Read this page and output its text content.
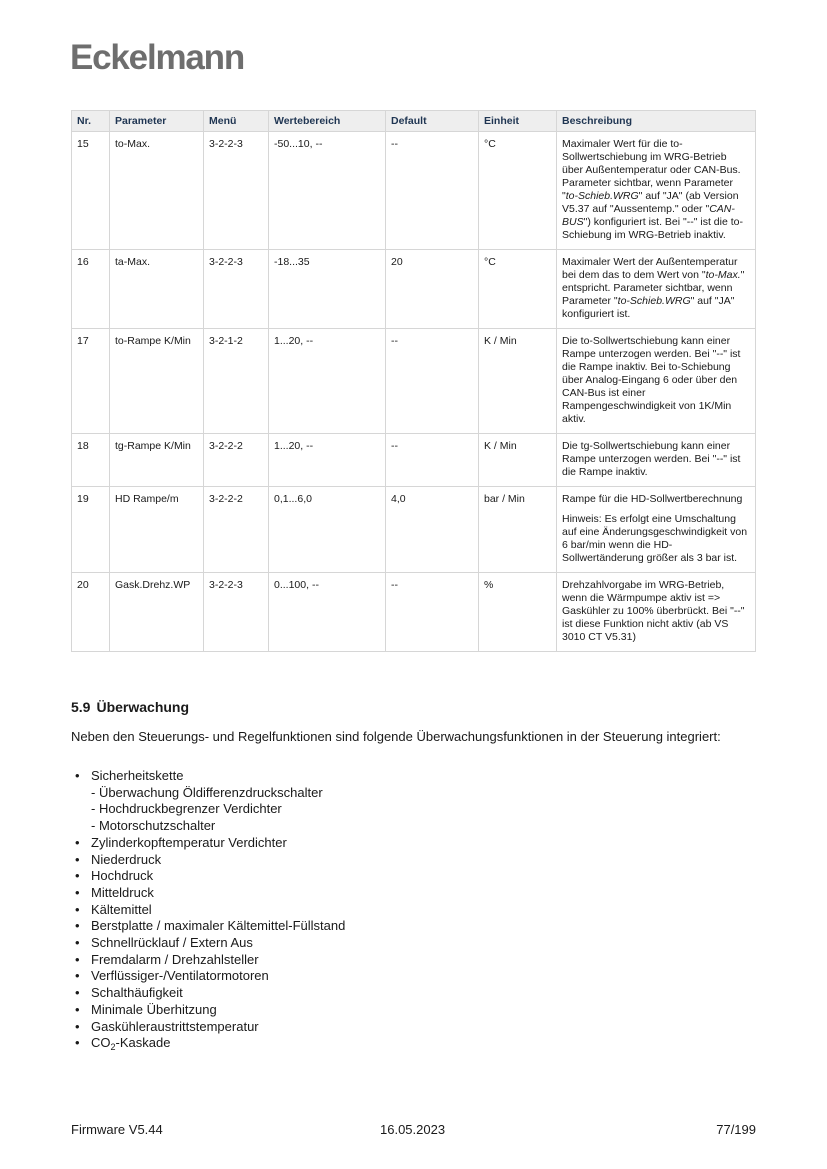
Eckelmann
Nr.	Parameter	Menü	Wertebereich	Default	Einheit	Beschreibung
15	to-Max.	3-2-2-3	-50...10, --	--	°C	Maximaler Wert für die to-Sollwertschiebung im WRG-Betrieb über Außentemperatur oder CAN-Bus. Parameter sichtbar, wenn Parameter "to-Schieb.WRG" auf "JA" (ab Version V5.37 auf "Aussentemp." oder "CAN-BUS") konfiguriert ist. Bei "--" ist die to-Schiebung im WRG-Betrieb inaktiv.
16	ta-Max.	3-2-2-3	-18...35	20	°C	Maximaler Wert der Außentemperatur bei dem das to dem Wert von "to-Max." entspricht. Parameter sichtbar, wenn Parameter "to-Schieb.WRG" auf "JA" konfiguriert ist.
17	to-Rampe K/Min	3-2-1-2	1...20, --	--	K / Min	Die to-Sollwertschiebung kann einer Rampe unterzogen werden. Bei "--" ist die Rampe inaktiv. Bei to-Schiebung über Analog-Eingang 6 oder über den CAN-Bus ist einer Rampengeschwindigkeit von 1K/Min aktiv.
18	tg-Rampe K/Min	3-2-2-2	1...20, --	--	K / Min	Die tg-Sollwertschiebung kann einer Rampe unterzogen werden. Bei "--" ist die Rampe inaktiv.
19	HD Rampe/m	3-2-2-2	0,1...6,0	4,0	bar / Min	Rampe für die HD-Sollwertberechnung

Hinweis: Es erfolgt eine Umschaltung auf eine Änderungsgeschwindigkeit von 6 bar/min wenn die HD-Sollwertänderung größer als 3 bar ist.

20	Gask.Drehz.WP	3-2-2-3	0...100, --	--	%	Drehzahlvorgabe im WRG-Betrieb, wenn die Wärmpumpe aktiv ist => Gaskühler zu 100% überbrückt. Bei "--" ist diese Funktion nicht aktiv (ab VS 3010 CT V5.31)
5.9 Überwachung
Neben den Steuerungs- und Regelfunktionen sind folgende Überwachungsfunktionen in der Steuerung integriert:
• Sicherheitskette
- Überwachung Öldifferenzdruckschalter
- Hochdruckbegrenzer Verdichter
- Motorschutzschalter
• Zylinderkopftemperatur Verdichter
• Niederdruck
• Hochdruck
• Mitteldruck
• Kältemittel
• Berstplatte / maximaler Kältemittel-Füllstand
• Schnellrücklauf / Extern Aus
• Fremdalarm / Drehzahlsteller
• Verflüssiger-/Ventilatormotoren
• Schalthäufigkeit
• Minimale Überhitzung
• Gaskühleraustrittstemperatur
• $CO_2$-Kaskade
Firmware V5.44	16.05.2023	77/199
